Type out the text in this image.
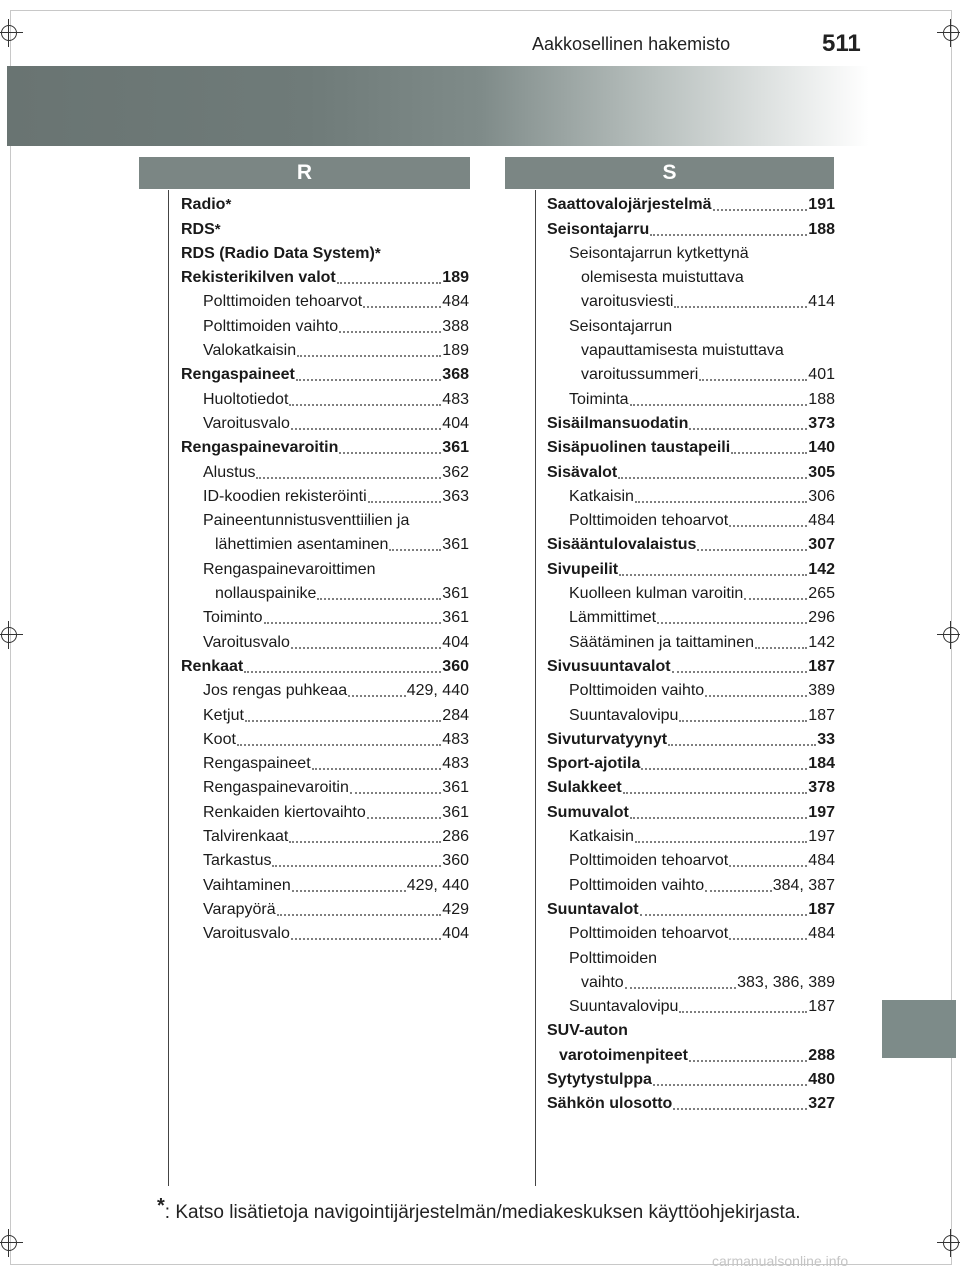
Aakkosellinen hakemisto	511
R	S
Radio *
RDS *
RDS (Radio Data System) *
Rekisterikilven valot	189
Polttimoiden tehoarvot	484
Polttimoiden vaihto	388
Valokatkaisin	189
Rengaspaineet	368
Huoltotiedot	483
Varoitusvalo	404
Rengaspainevaroitin	361
Alustus	362
ID-koodien rekisteröinti	363
Paineentunnistusventtiilien ja
lähettimien asentaminen	361
Rengaspainevaroittimen
nollauspainike	361
Toiminto	361
Varoitusvalo	404
Renkaat	360
Jos rengas puhkeaa	429, 440
Ketjut	284
Koot	483
Rengaspaineet	483
Rengaspainevaroitin	361
Renkaiden kiertovaihto	361
Talvirenkaat	286
Tarkastus	360
Vaihtaminen	429, 440
Varapyörä	429
Varoitusvalo	404
Saattovalojärjestelmä	191
Seisontajarru	188
Seisontajarrun kytkettynä
olemisesta muistuttava
varoitusviesti	414
Seisontajarrun
vapauttamisesta muistuttava
varoitussummeri	401
Toiminta	188
Sisäilmansuodatin	373
Sisäpuolinen taustapeili	140
Sisävalot	305
Katkaisin	306
Polttimoiden tehoarvot	484
Sisääntulovalaistus	307
Sivupeilit	142
Kuolleen kulman varoitin	265
Lämmittimet	296
Säätäminen ja taittaminen	142
Sivusuuntavalot	187
Polttimoiden vaihto	389
Suuntavalovipu	187
Sivuturvatyynyt	33
Sport-ajotila	184
Sulakkeet	378
Sumuvalot	197
Katkaisin	197
Polttimoiden tehoarvot	484
Polttimoiden vaihto	384, 387
Suuntavalot	187
Polttimoiden tehoarvot	484
Polttimoiden
vaihto	383, 386, 389
Suuntavalovipu	187
SUV-auton
varotoimenpiteet	288
Sytytystulppa	480
Sähkön ulosotto	327
*: Katso lisätietoja navigointijärjestelmän/mediakeskuksen käyttöohjekirjasta.
carmanualsonline.info
